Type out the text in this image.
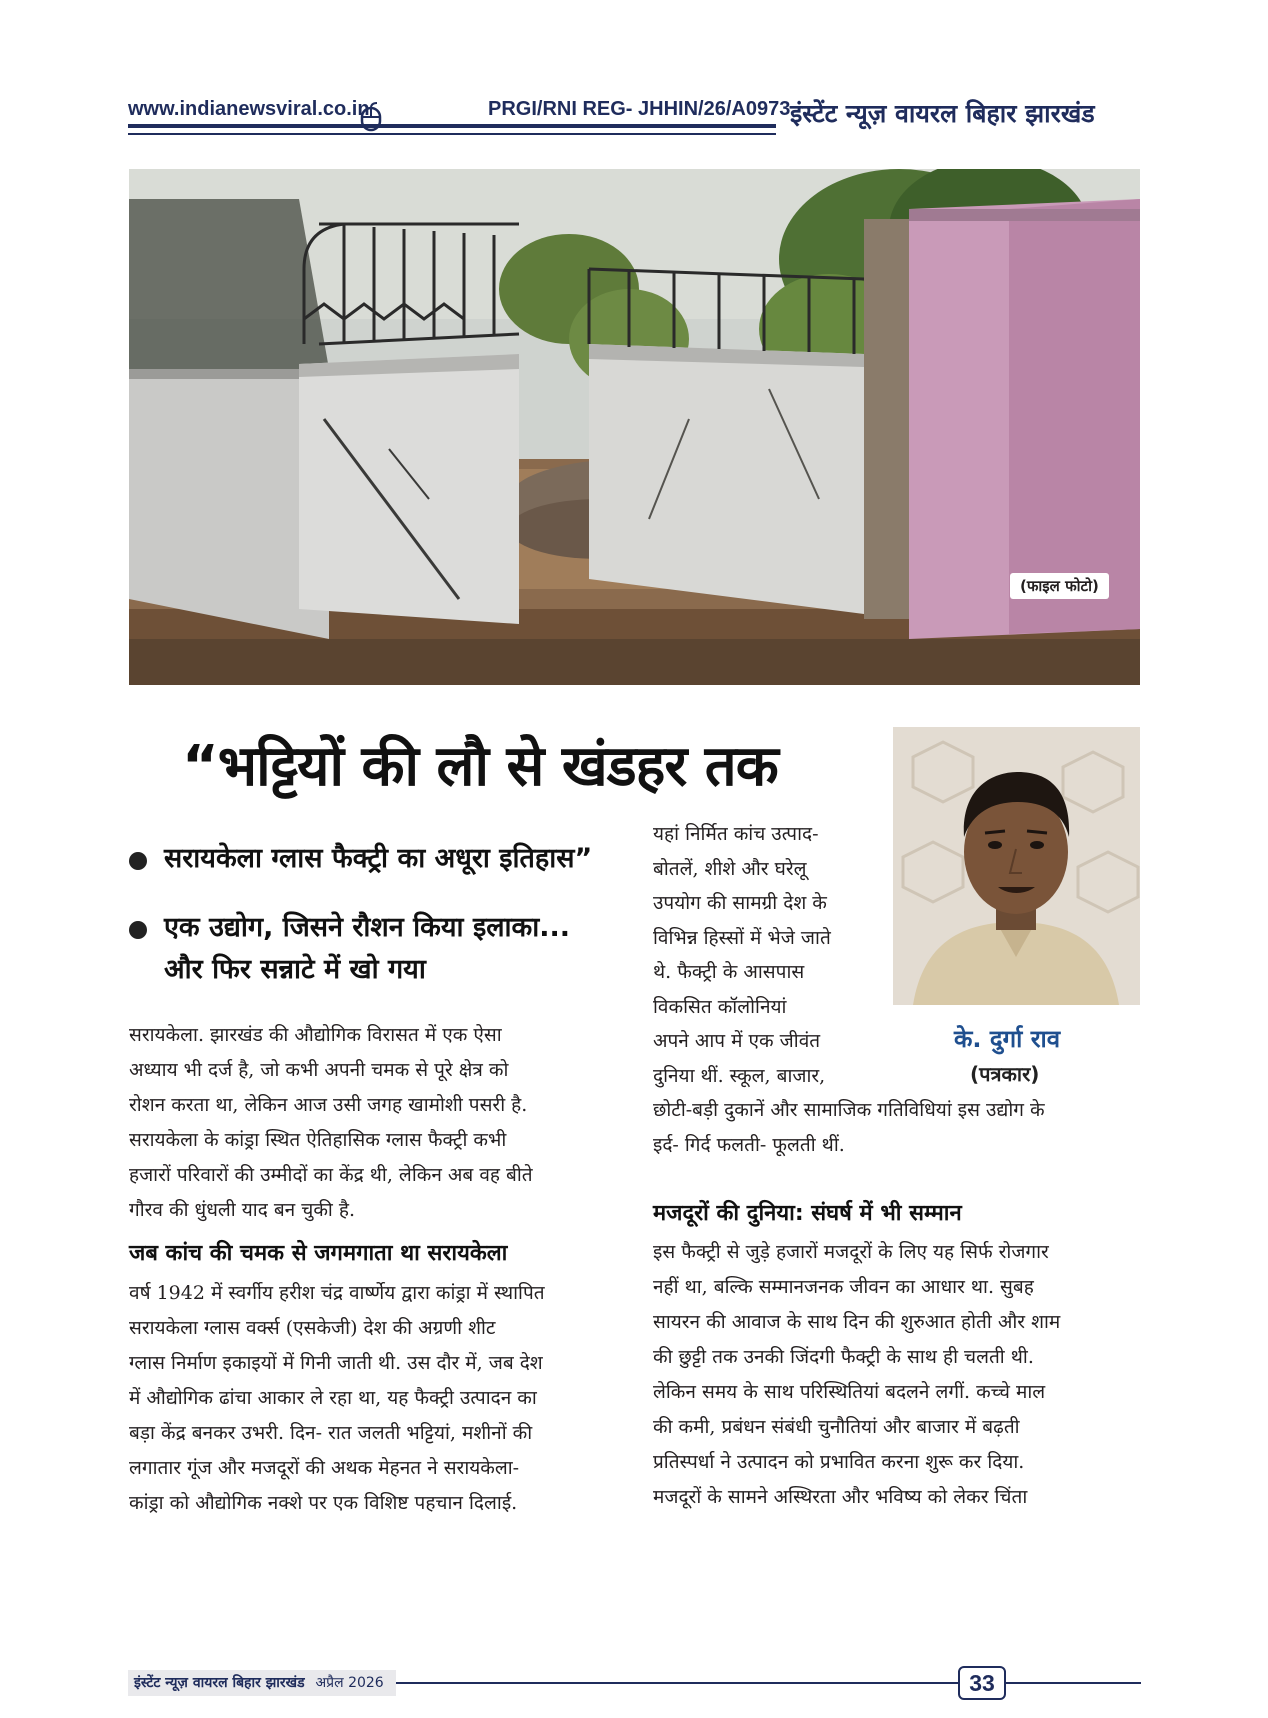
www.indianewsviral.co.in	PRGI/RNI REG- JHHIN/26/A0973 इंस्टेंट न्यूज़ वायरल बिहार झारखंड
(फाइल फोटो)
“भट्टियों की लौ से खंडहर तक
सरायकेला ग्लास फैक्ट्री का अधूरा इतिहास”
एक उद्योग, जिसने रौशन किया इलाका...
और फिर सन्नाटे में खो गया
के. दुर्गा राव
(पत्रकार)
सरायकेला. झारखंड की औद्योगिक विरासत में एक ऐसा
अध्याय भी दर्ज है, जो कभी अपनी चमक से पूरे क्षेत्र को
रोशन करता था, लेकिन आज उसी जगह खामोशी पसरी है.
सरायकेला के कांड्रा स्थित ऐतिहासिक ग्लास फैक्ट्री कभी
हजारों परिवारों की उम्मीदों का केंद्र थी, लेकिन अब वह बीते
गौरव की धुंधली याद बन चुकी है.
जब कांच की चमक से जगमगाता था सरायकेला
वर्ष 1942 में स्वर्गीय हरीश चंद्र वार्ष्णेय द्वारा कांड्रा में स्थापित
सरायकेला ग्लास वर्क्स (एसकेजी) देश की अग्रणी शीट
ग्लास निर्माण इकाइयों में गिनी जाती थी. उस दौर में, जब देश
में औद्योगिक ढांचा आकार ले रहा था, यह फैक्ट्री उत्पादन का
बड़ा केंद्र बनकर उभरी. दिन- रात जलती भट्टियां, मशीनों की
लगातार गूंज और मजदूरों की अथक मेहनत ने सरायकेला-
कांड्रा को औद्योगिक नक्शे पर एक विशिष्ट पहचान दिलाई.
यहां निर्मित कांच उत्पाद-
बोतलें, शीशे और घरेलू
उपयोग की सामग्री देश के
विभिन्न हिस्सों में भेजे जाते
थे. फैक्ट्री के आसपास
विकसित कॉलोनियां
अपने आप में एक जीवंत
दुनिया थीं. स्कूल, बाजार,
छोटी-बड़ी दुकानें और सामाजिक गतिविधियां इस उद्योग के
इर्द- गिर्द फलती- फूलती थीं.
मजदूरों की दुनिया: संघर्ष में भी सम्मान
इस फैक्ट्री से जुड़े हजारों मजदूरों के लिए यह सिर्फ रोजगार
नहीं था, बल्कि सम्मानजनक जीवन का आधार था. सुबह
सायरन की आवाज के साथ दिन की शुरुआत होती और शाम
की छुट्टी तक उनकी जिंदगी फैक्ट्री के साथ ही चलती थी.
लेकिन समय के साथ परिस्थितियां बदलने लगीं. कच्चे माल
की कमी, प्रबंधन संबंधी चुनौतियां और बाजार में बढ़ती
प्रतिस्पर्धा ने उत्पादन को प्रभावित करना शुरू कर दिया.
मजदूरों के सामने अस्थिरता और भविष्य को लेकर चिंता
इंस्टेंट न्यूज़ वायरल बिहार झारखंड अप्रैल 2026	33
